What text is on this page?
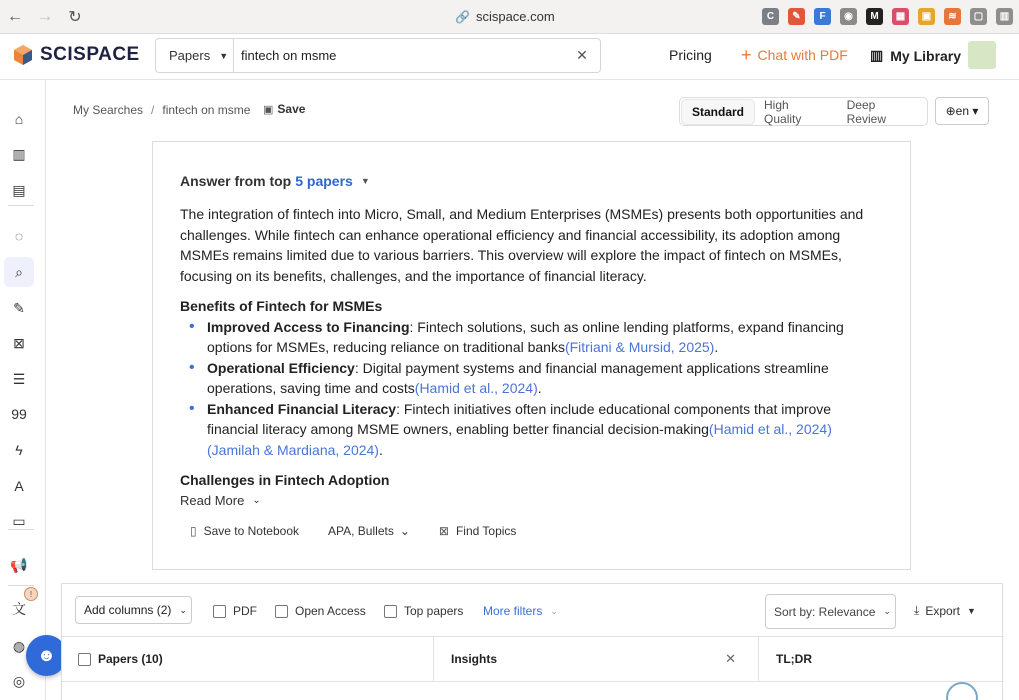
← → ↻	🔗 scispace.com	C	✎	F	◉	M	▦	▣	≋	▢	▥
SCISPACE Papers ▼
fintech on msme	✕	Pricing + Chat with PDF ▥ My Library
⌂
▥
▤
◌
⌕
✎
⊠
☰
99
ϟ
A
▭
📢
文
◍
◎
!
☻
My Searches / fintech on msme ▣ Save	Standard	High Quality
Deep Review
⊕en ▾
Answer from top 5 papers ▼

The integration of fintech into Micro, Small, and Medium Enterprises (MSMEs) presents both opportunities and challenges. While fintech can enhance operational efficiency and financial accessibility, its adoption among MSMEs remains limited due to various barriers. This overview will explore the impact of fintech on MSMEs, focusing on its benefits, challenges, and the importance of financial literacy.

Benefits of Fintech for MSMEs

• Improved Access to Financing: Fintech solutions, such as online lending platforms, expand financing options for MSMEs, reducing reliance on traditional banks(Fitriani & Mursid, 2025).
• Operational Efficiency: Digital payment systems and financial management applications streamline operations, saving time and costs(Hamid et al., 2024).
• Enhanced Financial Literacy: Fintech initiatives often include educational components that improve financial literacy among MSME owners, enabling better financial decision-making(Hamid et al., 2024)(Jamilah & Mardiana, 2024).

Challenges in Fintech Adoption

Read More ⌄
▯ Save to Notebook APA, Bullets ⌄ ⊠ Find Topics
Add columns (2) ⌄	PDF	Open Access	Top papers More filters ⌄	Sort by: Relevance ⌄ ⤓ Export ▼
Papers (10)	Insights	✕	TL;DR
